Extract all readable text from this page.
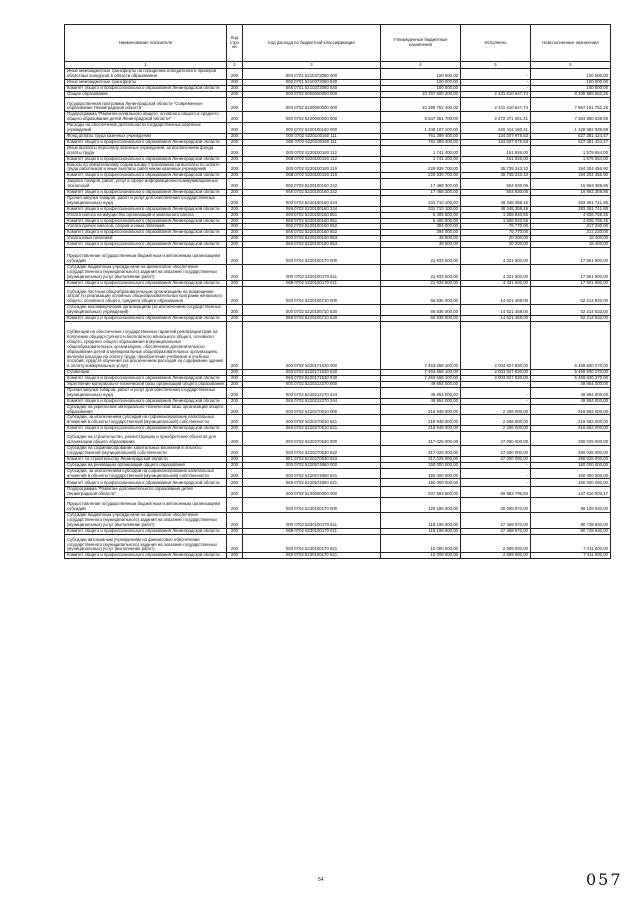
Наименование показателя	Код стро ки	Код расхода по бюджетной классификации	Утвержденные бюджетные назначения	Исполнено	Неисполненные назначения
1	2	3	4	5	6
Иные межбюджетные трансферты на поощрение победителей и призеров областных конкурсов в области образования	200	000 0701 5210372060 000	100 000,00	-	100 000,00
Иные межбюджетные трансферты	200	000 0701 5210372060 540	100 000,00	-	100 000,00
Комитет общего и профессионального образования Ленинградской области	200	068 0701 5210372060 540	100 000,00	-	100 000,00
Общее образование	200	000 0702 0000000000 000	10 767 600 200,00	2 431 610 647,74	8 335 989 552,26
Государственная программа Ленинградской области "Современное образование Ленинградской области"	200	000 0702 5200000000 000	10 398 762 400,00	2 431 610 647,74	7 967 151 752,26
Подпрограмма "Развитие начального общего, основного общего и среднего общего образования детей Ленинградской области"	200	000 0702 5220000000 000	9 637 361 700,00	2 272 471 061,41	7 364 890 638,59
Расходы на обеспечение деятельности государственных казенных учреждений	200	000 0702 5220100160 000	1 349 107 100,00	220 424 160,41	1 128 682 939,59
Фонд оплаты труда казенных учреждений	200	000 0702 5220100160 111	761 389 400,00	134 007 975,53	627 381 424,47
Комитет общего и профессионального образования Ленинградской области	200	068 0702 5220100160 111	761 389 400,00	134 007 975,53	627 381 424,47
Иные выплаты персоналу казенных учреждений, за исключением фонда оплаты труда	200	000 0702 5220100160 112	1 741 400,00	161 846,00	1 579 554,00
Комитет общего и профессионального образования Ленинградской области	200	068 0702 5220100160 112	1 741 400,00	161 846,00	1 579 554,00
Взносы по обязательному социальному страхованию на выплаты по оплате труда работников и иные выплаты работникам казенных учреждений	200	000 0702 5220100160 119	229 939 700,00	35 735 243,10	194 204 456,90
Комитет общего и профессионального образования Ленинградской области	200	068 0702 5220100160 119	229 939 700,00	35 735 243,10	194 204 456,90
Закупка товаров, работ, услуг в сфере информационно-коммуникационных технологий	200	000 0702 5220100160 242	17 468 300,00	504 930,05	16 963 369,95
Комитет общего и профессионального образования Ленинградской области	200	068 0702 5220100160 242	17 468 300,00	504 930,05	16 963 369,95
Прочая закупка товаров, работ и услуг для обеспечения государственных (муниципальных) нужд	200	000 0702 5220100160 244	331 710 100,00	48 348 358,15	283 361 741,85
Комитет общего и профессионального образования Ленинградской области	200	068 0702 5220100160 244	331 710 100,00	48 348 358,15	283 361 741,85
Уплата налога на имущество организаций и земельного налога	200	000 0702 5220100160 851	6 405 600,00	1 568 840,55	4 836 759,45
Комитет общего и профессионального образования Ленинградской области	200	068 0702 5220100160 851	6 405 600,00	1 568 840,55	4 836 759,45
Уплата прочих налогов, сборов и иных платежей	200	000 0702 5220100160 852	394 000,00	76 770,00	317 230,00
Комитет общего и профессионального образования Ленинградской области	200	068 0702 5220100160 852	394 000,00	76 770,00	317 230,00
Уплата иных платежей	200	000 0702 5220100160 853	38 600,00	20 200,00	18 400,00
Комитет общего и профессионального образования Ленинградской области	200	068 0702 5220100160 853	38 600,00	20 200,00	18 400,00
Предоставление государственным бюджетным и автономным организациям субсидий	200	000 0702 5220100170 000	21 833 500,00	4 331 600,00	17 501 900,00
Субсидии бюджетным учреждениям на финансовое обеспечение государственного (муниципального) задания на оказание государственных (муниципальных) услуг (выполнение работ)	200	000 0702 5220100170 611	21 833 500,00	4 331 600,00	17 501 900,00
Комитет общего и профессионального образования Ленинградской области	200	068 0702 5220100170 611	21 833 500,00	4 331 600,00	17 501 900,00
Субсидии частным общеобразовательным организациям на возмещение затрат по реализации основных общеобразовательных программ начального общего, основного общего, среднего общего образования	200	000 0702 5220106710 000	66 836 000,00	14 621 468,00	52 214 532,00
Субсидии некоммерческим организациям (за исключением государственных (муниципальных) учреждений)	200	000 0702 5220106710 630	66 836 000,00	14 621 468,00	52 214 532,00
Комитет общего и профессионального образования Ленинградской области	200	068 0702 5220106710 630	66 836 000,00	14 621 468,00	52 214 532,00
Субвенции на обеспечение государственных гарантий реализации прав на получение общедоступного и бесплатного начального общего, основного общего, среднего общего образования в муниципальных общеобразовательных организациях, обеспечение дополнительного образования детей в муниципальных общеобразовательных организациях, включая расходы на оплату труда, приобретение учебников и учебных пособий, средств обучения (за исключением расходов на содержание зданий и оплату коммунальных услуг)	200	000 0702 5220171530 000	7 463 658 100,00	2 003 827 830,00	5 459 830 270,00
Субвенции	200	000 0702 5220171530 530	7 463 658 100,00	2 003 827 830,00	5 459 830 270,00
Комитет общего и профессионального образования Ленинградской области	200	068 0702 5220171530 530	7 463 658 100,00	2 003 827 830,00	5 459 830 270,00
Укрепление материально-технической базы организаций общего образования	200	000 0702 5220212270 000	49 954 000,00	-	49 954 000,00
Прочая закупка товаров, работ и услуг для обеспечения государственных (муниципальных) нужд	200	000 0702 5220212270 244	49 954 000,00	-	49 954 000,00
Комитет общего и профессионального образования Ленинградской области	200	068 0702 5220212270 244	49 954 000,00	-	49 954 000,00
Субсидии на укрепление материально-технической базы организаций общего образования	200	000 0702 5220270610 000	218 948 000,00	2 266 000,00	216 682 000,00
Субсидии, за исключением субсидий на софинансирование капитальных вложений в объекты государственной (муниципальной) собственности	200	000 0702 5220270610 521	218 948 000,00	2 266 000,00	216 682 000,00
Комитет общего и профессионального образования Ленинградской области	200	068 0702 5220270610 521	218 948 000,00	2 266 000,00	216 682 000,00
Субсидии на строительство, реконструкцию и приобретение объектов для организации общего образования	200	000 0702 5220270630 000	317 025 000,00	27 000 000,00	290 025 000,00
Субсидии на софинансирование капитальных вложений в объекты государственной (муниципальной) собственности	200	000 0702 5220270630 522	317 025 000,00	27 000 000,00	290 025 000,00
Комитет по строительству Ленинградской области	200	981 0702 5220270630 522	317 025 000,00	27 000 000,00	290 025 000,00
Субсидии на реновацию организаций общего образования	200	000 0702 5220574860 000	150 000 000,00	-	150 000 000,00
Субсидии, за исключением субсидий на софинансирование капитальных вложений в объекты государственной (муниципальной) собственности	200	000 0702 5220574860 521	150 000 000,00	-	150 000 000,00
Комитет общего и профессионального образования Ленинградской области	200	068 0702 5220574860 521	150 000 000,00	-	150 000 000,00
Подпрограмма "Развитие дополнительного образования детей Ленинградской области"	200	000 0702 5230000000 000	207 593 800,00	59 983 796,83	147 610 003,17
Предоставление государственным бюджетным и автономным организациям субсидий	200	000 0702 5230100170 000	129 198 600,00	30 058 970,00	99 139 630,00
Субсидии бюджетным учреждениям на финансовое обеспечение государственного (муниципального) задания на оказание государственных (муниципальных) услуг (выполнение работ)	200	000 0702 5230100170 611	118 198 600,00	27 469 970,00	90 728 630,00
Комитет общего и профессионального образования Ленинградской области	200	068 0702 5230100170 611	118 198 600,00	27 469 970,00	90 728 630,00
Субсидии автономным учреждениям на финансовое обеспечение государственного (муниципального) задания на оказание государственных (муниципальных) услуг (выполнение работ)	200	000 0702 5230100170 621	10 000 000,00	2 589 000,00	7 411 000,00
Комитет общего и профессионального образования Ленинградской области	200	068 0702 5230100170 621	10 000 000,00	2 589 000,00	7 411 000,00
54	057
